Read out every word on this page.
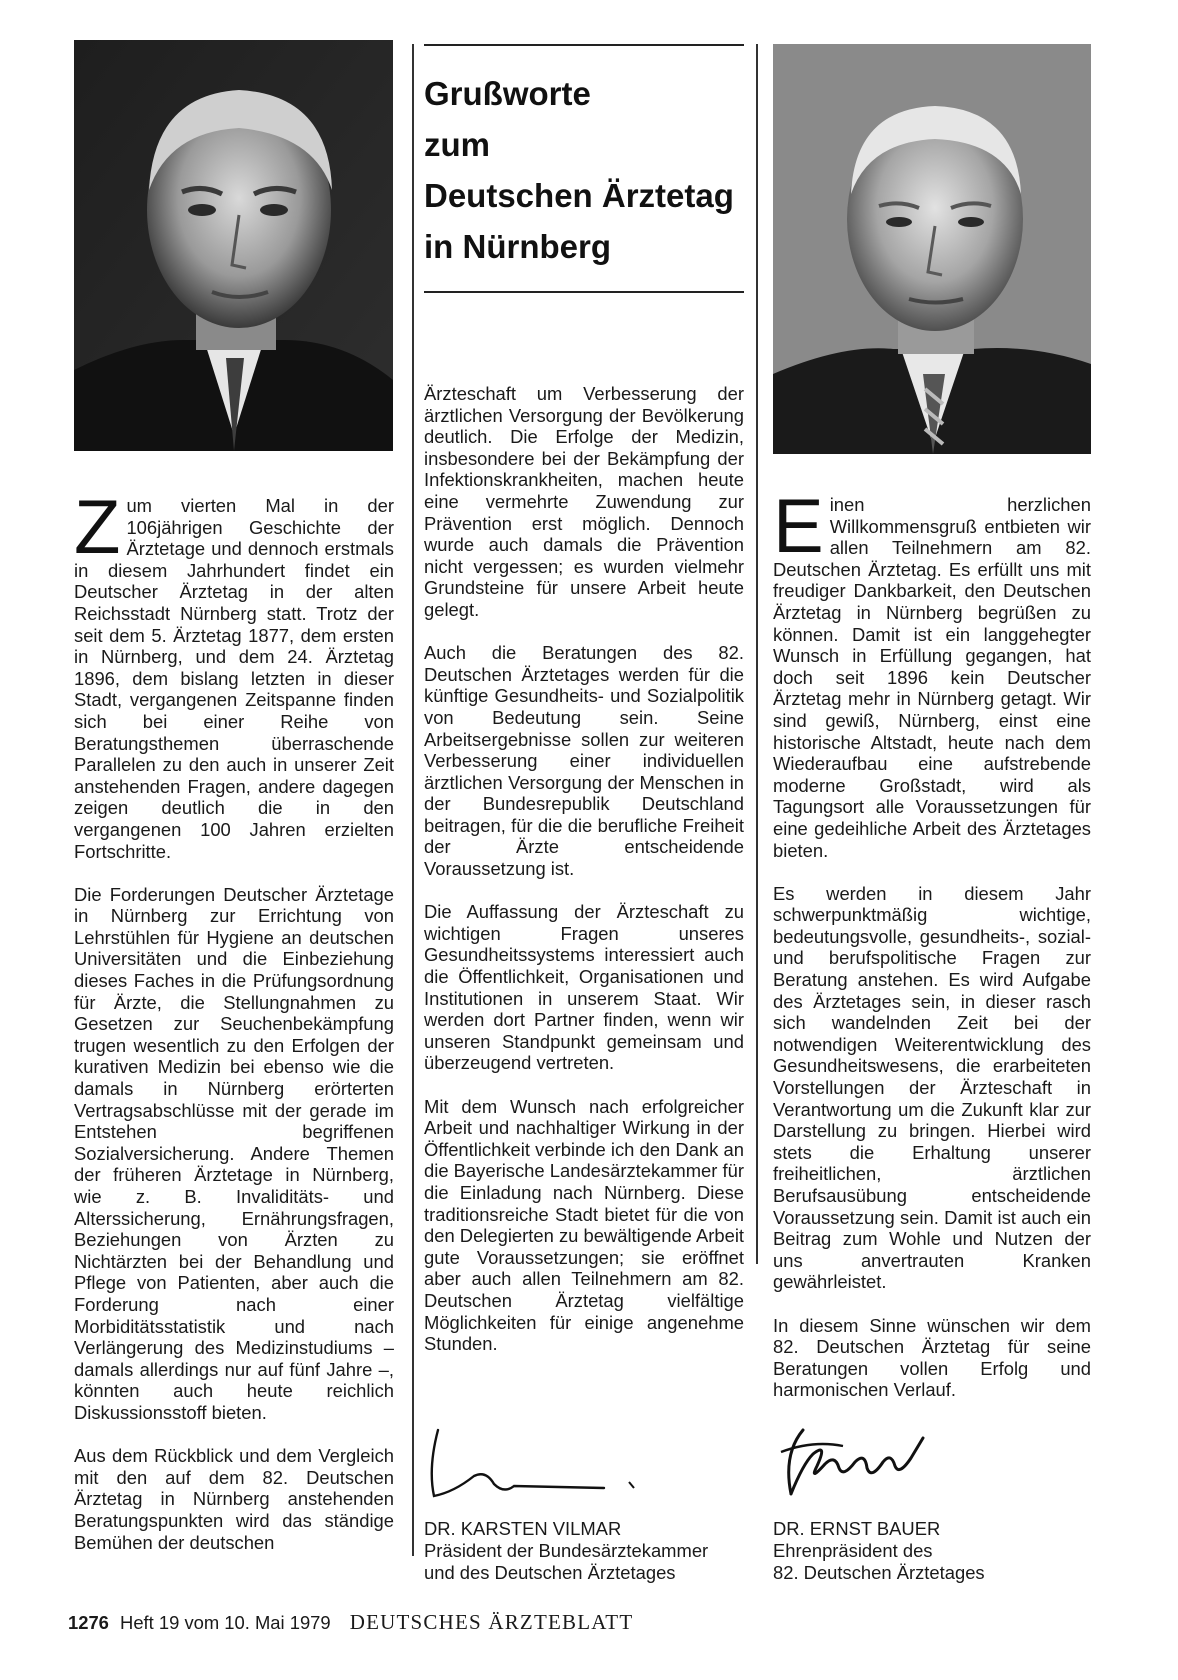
Grußworte
zum
Deutschen Ärztetag
in Nürnberg

Zum vierten Mal in der 106jährigen Geschichte der Ärztetage und dennoch erstmals in diesem Jahrhundert findet ein Deutscher Ärztetag in der alten Reichsstadt Nürnberg statt. Trotz der seit dem 5. Ärztetag 1877, dem ersten in Nürnberg, und dem 24. Ärztetag 1896, dem bislang letzten in dieser Stadt, vergangenen Zeitspanne finden sich bei einer Reihe von Beratungsthemen überraschende Parallelen zu den auch in unserer Zeit anstehenden Fragen, andere dagegen zeigen deutlich die in den vergangenen 100 Jahren erzielten Fortschritte.

Die Forderungen Deutscher Ärztetage in Nürnberg zur Errichtung von Lehrstühlen für Hygiene an deutschen Universitäten und die Einbeziehung dieses Faches in die Prüfungsordnung für Ärzte, die Stellungnahmen zu Gesetzen zur Seuchenbekämpfung trugen wesentlich zu den Erfolgen der kurativen Medizin bei ebenso wie die damals in Nürnberg erörterten Vertragsabschlüsse mit der gerade im Entstehen begriffenen Sozialversicherung. Andere Themen der früheren Ärztetage in Nürnberg, wie z. B. Invaliditäts- und Alterssicherung, Ernährungsfragen, Beziehungen von Ärzten zu Nichtärzten bei der Behandlung und Pflege von Patienten, aber auch die Forderung nach einer Morbiditätsstatistik und nach Verlängerung des Medizinstudiums – damals allerdings nur auf fünf Jahre –, könnten auch heute reichlich Diskussionsstoff bieten.

Aus dem Rückblick und dem Vergleich mit den auf dem 82. Deutschen Ärztetag in Nürnberg anstehenden Beratungspunkten wird das ständige Bemühen der deutschen

Ärzteschaft um Verbesserung der ärztlichen Versorgung der Bevölkerung deutlich. Die Erfolge der Medizin, insbesondere bei der Bekämpfung der Infektionskrankheiten, machen heute eine vermehrte Zuwendung zur Prävention erst möglich. Dennoch wurde auch damals die Prävention nicht vergessen; es wurden vielmehr Grundsteine für unsere Arbeit heute gelegt.

Auch die Beratungen des 82. Deutschen Ärztetages werden für die künftige Gesundheits- und Sozialpolitik von Bedeutung sein. Seine Arbeitsergebnisse sollen zur weiteren Verbesserung einer individuellen ärztlichen Versorgung der Menschen in der Bundesrepublik Deutschland beitragen, für die die berufliche Freiheit der Ärzte entscheidende Voraussetzung ist.

Die Auffassung der Ärzteschaft zu wichtigen Fragen unseres Gesundheitssystems interessiert auch die Öffentlichkeit, Organisationen und Institutionen in unserem Staat. Wir werden dort Partner finden, wenn wir unseren Standpunkt gemeinsam und überzeugend vertreten.

Mit dem Wunsch nach erfolgreicher Arbeit und nachhaltiger Wirkung in der Öffentlichkeit verbinde ich den Dank an die Bayerische Landesärztekammer für die Einladung nach Nürnberg. Diese traditionsreiche Stadt bietet für die von den Delegierten zu bewältigende Arbeit gute Voraussetzungen; sie eröffnet aber auch allen Teilnehmern am 82. Deutschen Ärztetag vielfältige Möglichkeiten für einige angenehme Stunden.

Einen herzlichen Willkommensgruß entbieten wir allen Teilnehmern am 82. Deutschen Ärztetag. Es erfüllt uns mit freudiger Dankbarkeit, den Deutschen Ärztetag in Nürnberg begrüßen zu können. Damit ist ein langgehegter Wunsch in Erfüllung gegangen, hat doch seit 1896 kein Deutscher Ärztetag mehr in Nürnberg getagt. Wir sind gewiß, Nürnberg, einst eine historische Altstadt, heute nach dem Wiederaufbau eine aufstrebende moderne Großstadt, wird als Tagungsort alle Voraussetzungen für eine gedeihliche Arbeit des Ärztetages bieten.

Es werden in diesem Jahr schwerpunktmäßig wichtige, bedeutungsvolle, gesundheits-, sozial- und berufspolitische Fragen zur Beratung anstehen. Es wird Aufgabe des Ärztetages sein, in dieser rasch sich wandelnden Zeit bei der notwendigen Weiterentwicklung des Gesundheitswesens, die erarbeiteten Vorstellungen der Ärzteschaft in Verantwortung um die Zukunft klar zur Darstellung zu bringen. Hierbei wird stets die Erhaltung unserer freiheitlichen, ärztlichen Berufsausübung entscheidende Voraussetzung sein. Damit ist auch ein Beitrag zum Wohle und Nutzen der uns anvertrauten Kranken gewährleistet.

In diesem Sinne wünschen wir dem 82. Deutschen Ärztetag für seine Beratungen vollen Erfolg und harmonischen Verlauf.

DR. KARSTEN VILMAR
Präsident der Bundesärztekammer
und des Deutschen Ärztetages
DR. ERNST BAUER
Ehrenpräsident des
82. Deutschen Ärztetages
1276 Heft 19 vom 10. Mai 1979 DEUTSCHES ÄRZTEBLATT
